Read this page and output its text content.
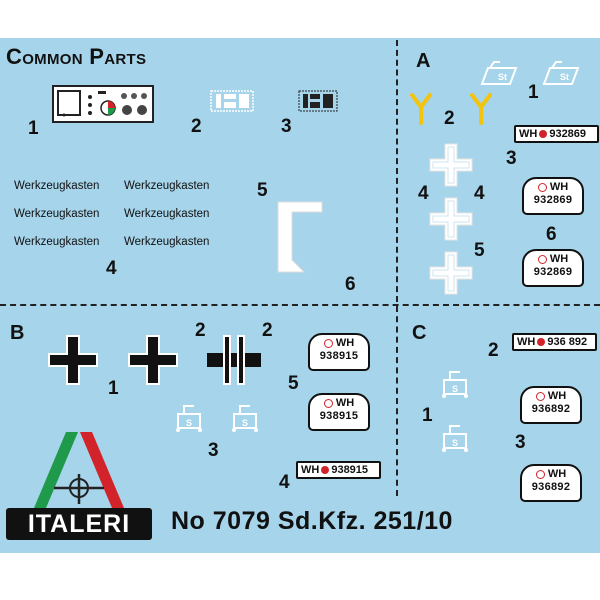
Common Parts
1	2	3
Werkzeugkasten Werkzeugkasten
Werkzeugkasten Werkzeugkasten
Werkzeugkasten Werkzeugkasten
4
5
6
A
St	St
1
2
WH 932869
3
4 4
5
WH
932869
6
WH
932869
B
1
2	2
WH
938915
5
WH
938915
S	S
3
WH 938915
4
C	WH 936 892
2
S
S
1
WH
936892
3
WH
936892
ITALERI	No 7079 Sd.Kfz. 251/10
